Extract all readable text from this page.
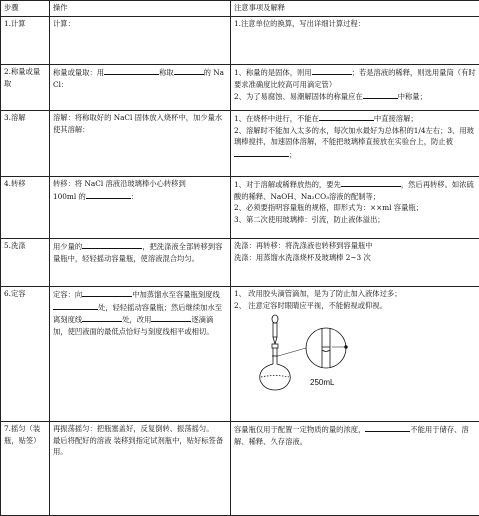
步骤	操作	注意事项及解释
1.计算	计算：	1.注意单位的换算，写出详细计算过程：
2.称量或量取	称量或量取：用 称取 的 NaCl：	1、称量的是固体，则用 ；若是溶液的稀释，则选用量筒（有时要求准确度比较高可用滴定管）
2、为了易腐蚀、易潮解固体的称量应在 中称量；

3.溶解	溶解：将称取好的 NaCl 固体放入烧杯中，加少量水使其溶解：	1、在烧杯中进行，不能在 中直接溶解；
2、溶解时不能加入太多的水，每次加水最好为总体积的1/4左右；3、用玻璃棒搅拌，加速固体溶解，不能把玻璃棒直接放在实验台上，防止被；

4.转移	转移：将 NaCl 溶液沿玻璃棒小心转移到
100ml 的 ：	1、对于溶解或稀释放热的，要先 ，然后再转移。如浓硫酸的稀释、NaOH、Na₂CO₃溶液的配制等；
2、必须要指明容量瓶的规格，即形式为：××ml 容量瓶；
3、第二次使用玻璃棒：引流，防止液体溢出；

5.洗涤	用少量的 ，把洗涤液全部转移到容量瓶中，轻轻摇动容量瓶，使溶液混合均匀。	洗涤：再转移：将洗涤液也转移到容量瓶中
洗涤：用蒸馏水洗涤烧杯及玻璃棒 2~3 次

6.定容	定容：向 中加蒸馏水至容量瓶刻度线处，轻轻摇动容量瓶；然后继续加水至离刻度线 处，改用 逐滴滴加，使凹液面的最低点恰好与刻度线相平或相切。	1、 改用胶头滴管滴加，是为了防止加入液体过多；
2、 注意定容时眼睛应平视，不能俯视或仰视。
250mL

7.摇匀（装瓶，贴签）	再振荡摇匀：把瓶塞盖好，反复倒转、振荡摇匀。
最后将配好的溶液 装移到指定试剂瓶中，贴好标签备用。	容量瓶仅用于配置一定物质的量的浓度， 不能用于储存、溶解、稀释、久存溶液。
